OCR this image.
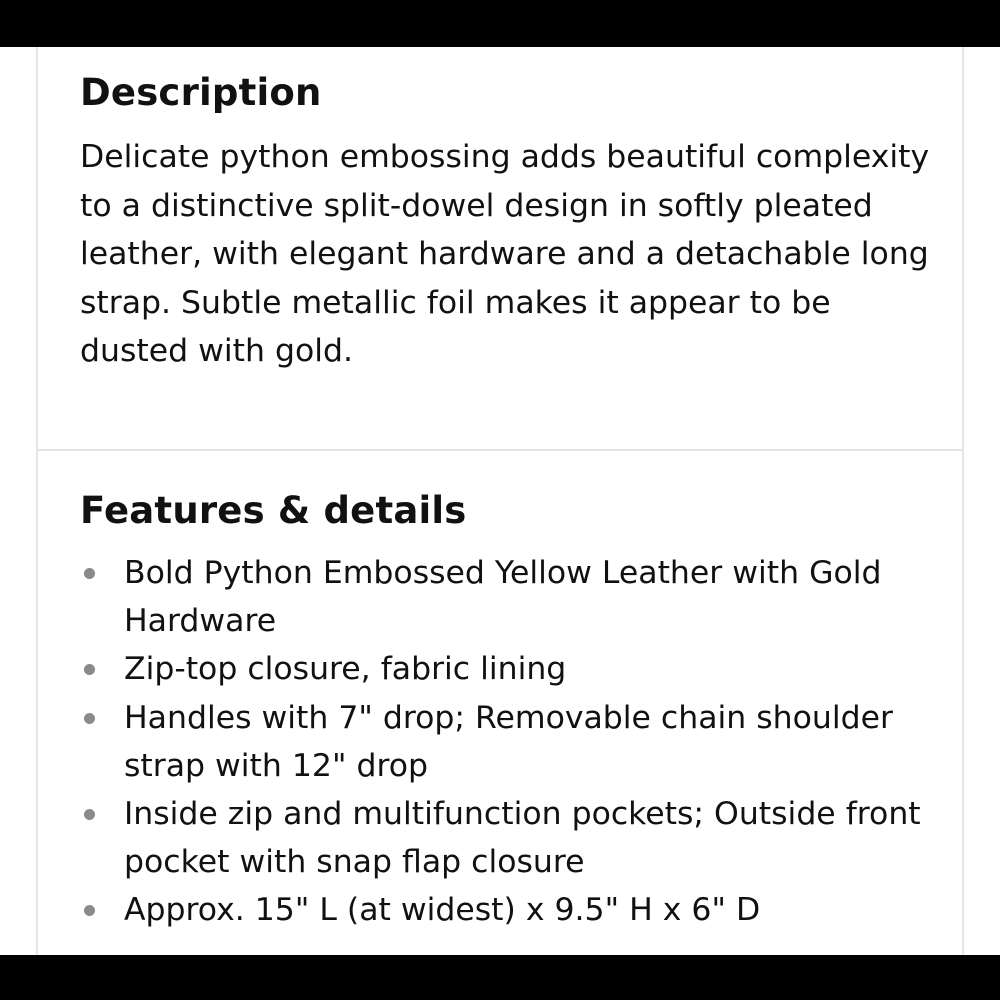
Description

Delicate python embossing adds beautiful complexity to a distinctive split-dowel design in softly pleated leather, with elegant hardware and a detachable long strap. Subtle metallic foil makes it appear to be dusted with gold.

Features & details
Bold Python Embossed Yellow Leather with Gold Hardware
Zip-top closure, fabric lining
Handles with 7" drop; Removable chain shoulder strap with 12" drop
Inside zip and multifunction pockets; Outside front pocket with snap flap closure
Approx. 15" L (at widest) x 9.5" H x 6" D
